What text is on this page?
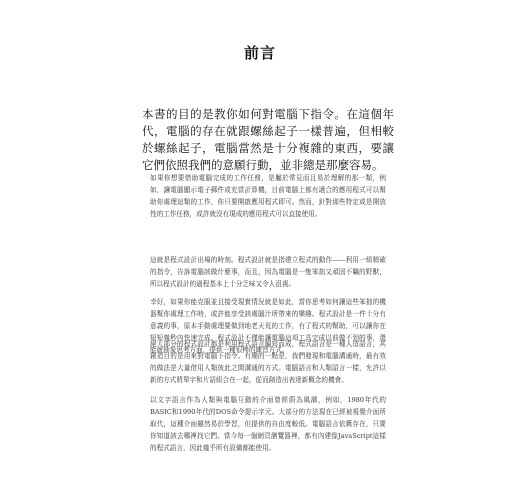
前言
本書的目的是教你如何對電腦下指令。在這個年代，電腦的存在就跟螺絲起子一樣普遍，但相較於螺絲起子，電腦當然是十分複雜的東西，要讓它們依照我們的意願行動，並非總是那麼容易。

如果你想要借助電腦完成的工作任務，是屬於常見而且易於理解的那一類，例如，讓電腦顯示電子郵件或充當計算機，目前電腦上都有適合的應用程式可以幫助你處理這類的工作，你只要開啟應用程式即可。然而，針對那些特定或是開放性的工作任務，或許就沒有現成的應用程式可以直接使用。

這就是程式設計出場的時刻。程式設計就是指建立程式的動作——利用一組精確的指令，告訴電腦該做什麼事，而且，因為電腦是一隻笨拙又頑固不羈的野獸，所以程式設計的過程基本上十分乏味又令人沮喪。

幸好，如果你能克服並且接受現實情況就是如此，當你思考如何讓這些笨拙的機器幫你處理工作時，或許能享受該處腦汁所帶來的樂趣。程式設計是一件十分有意義的事，原本手動處理要做到地老天荒的工作，有了程式的幫助，可以讓你在短短幾秒內快速完成。程式設計不僅能讓電腦這項工具完成以前做不到的事，還能就抽象思考方面，提供一種很棒的練習方式。

絕大部分的程式設計都是利用程式語言編寫而成，程式語言是一種人造語言，其創造目的是用來對電腦下指令。有趣的一點是，我們發現和電腦溝通時，最有效的做法是大量借用人類彼此之間溝通的方式。電腦語言和人類語言一樣，允許以新的方式將單字和片語組合在一起，從而創造出表達新概念的機會。

以文字語言作為人類與電腦互動的介面曾經蔚為風潮，例如，1980年代的BASIC和1990年代的DOS命令提示字元。大部分的方法現在已經被視覺介面所取代，這種介面雖然易於學習，但提供的自由度較低。電腦語言依舊存在，只要你知道該去哪裡找它們。當今每一個網頁瀏覽器裡，都有內建像JavaScript這樣的程式語言，因此幾乎所有設備都能使用。
